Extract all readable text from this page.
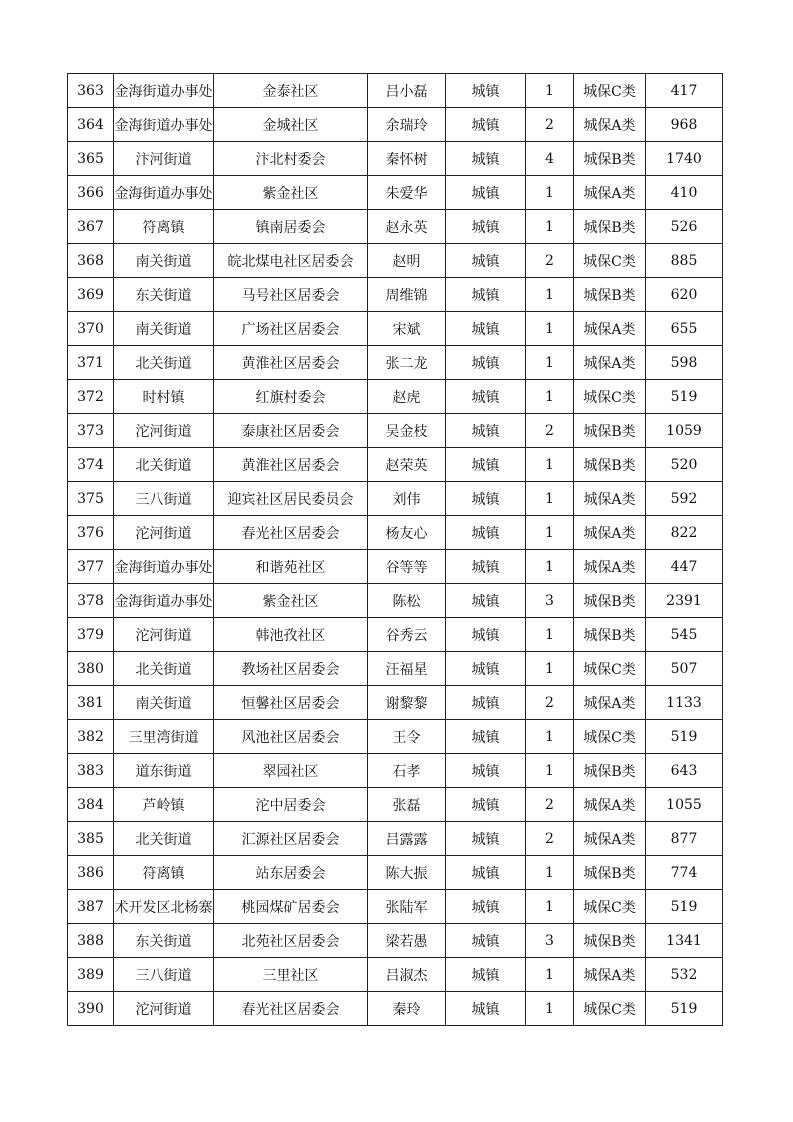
363	金海街道办事处	金泰社区	吕小磊	城镇	1	城保C类	417
364	金海街道办事处	金城社区	余瑞玲	城镇	2	城保A类	968
365	汴河街道	汴北村委会	秦怀树	城镇	4	城保B类	1740
366	金海街道办事处	紫金社区	朱爱华	城镇	1	城保A类	410
367	符离镇	镇南居委会	赵永英	城镇	1	城保B类	526
368	南关街道	皖北煤电社区居委会	赵明	城镇	2	城保C类	885
369	东关街道	马号社区居委会	周维锦	城镇	1	城保B类	620
370	南关街道	广场社区居委会	宋斌	城镇	1	城保A类	655
371	北关街道	黄淮社区居委会	张二龙	城镇	1	城保A类	598
372	时村镇	红旗村委会	赵虎	城镇	1	城保C类	519
373	沱河街道	泰康社区居委会	吴金枝	城镇	2	城保B类	1059
374	北关街道	黄淮社区居委会	赵荣英	城镇	1	城保B类	520
375	三八街道	迎宾社区居民委员会	刘伟	城镇	1	城保A类	592
376	沱河街道	春光社区居委会	杨友心	城镇	1	城保A类	822
377	金海街道办事处	和谐苑社区	谷等等	城镇	1	城保A类	447
378	金海街道办事处	紫金社区	陈松	城镇	3	城保B类	2391
379	沱河街道	韩池孜社区	谷秀云	城镇	1	城保B类	545
380	北关街道	教场社区居委会	汪福星	城镇	1	城保C类	507
381	南关街道	恒馨社区居委会	谢黎黎	城镇	2	城保A类	1133
382	三里湾街道	风池社区居委会	王令	城镇	1	城保C类	519
383	道东街道	翠园社区	石孝	城镇	1	城保B类	643
384	芦岭镇	沱中居委会	张磊	城镇	2	城保A类	1055
385	北关街道	汇源社区居委会	吕露露	城镇	2	城保A类	877
386	符离镇	站东居委会	陈大振	城镇	1	城保B类	774
387	术开发区北杨寨	桃园煤矿居委会	张陆军	城镇	1	城保C类	519
388	东关街道	北苑社区居委会	梁若愚	城镇	3	城保B类	1341
389	三八街道	三里社区	吕淑杰	城镇	1	城保A类	532
390	沱河街道	春光社区居委会	秦玲	城镇	1	城保C类	519
